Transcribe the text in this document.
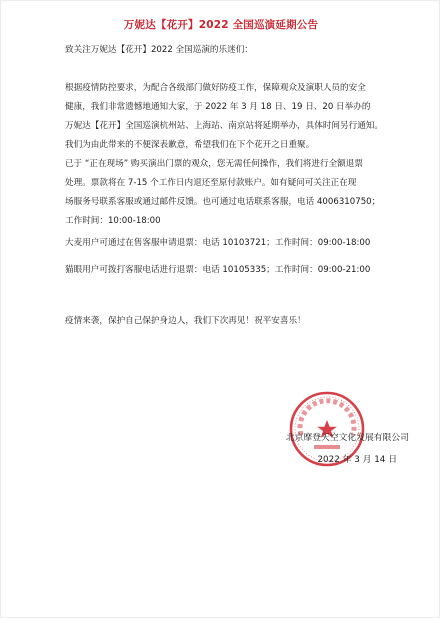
万妮达【花开】2022 全国巡演延期公告
致关注万妮达【花开】2022 全国巡演的乐迷们：
根据疫情防控要求，为配合各级部门做好防疫工作，保障观众及演职人员的安全
健康，我们非常遗憾地通知大家，于 2022 年 3 月 18 日、19 日、20 日举办的
万妮达【花开】全国巡演杭州站、上海站、南京站将延期举办，具体时间另行通知。
我们为由此带来的不便深表歉意，希望我们在下个花开之日重聚。
已于 “正在现场” 购买演出门票的观众，您无需任何操作，我们将进行全额退票
处理。票款将在 7-15 个工作日内退还至原付款账户。如有疑问可关注正在现
场服务号联系客服或通过邮件反馈。也可通过电话联系客服，电话 4006310750；
工作时间：10:00-18:00
大麦用户可通过在售客服申请退票：电话 10103721；工作时间：09:00-18:00
猫眼用户可拨打客服电话进行退票：电话 10105335；工作时间：09:00-21:00
疫情来袭，保护自己保护身边人，我们下次再见！祝平安喜乐！
北京摩登天空文化发展有限公司
2022 年 3 月 14 日
